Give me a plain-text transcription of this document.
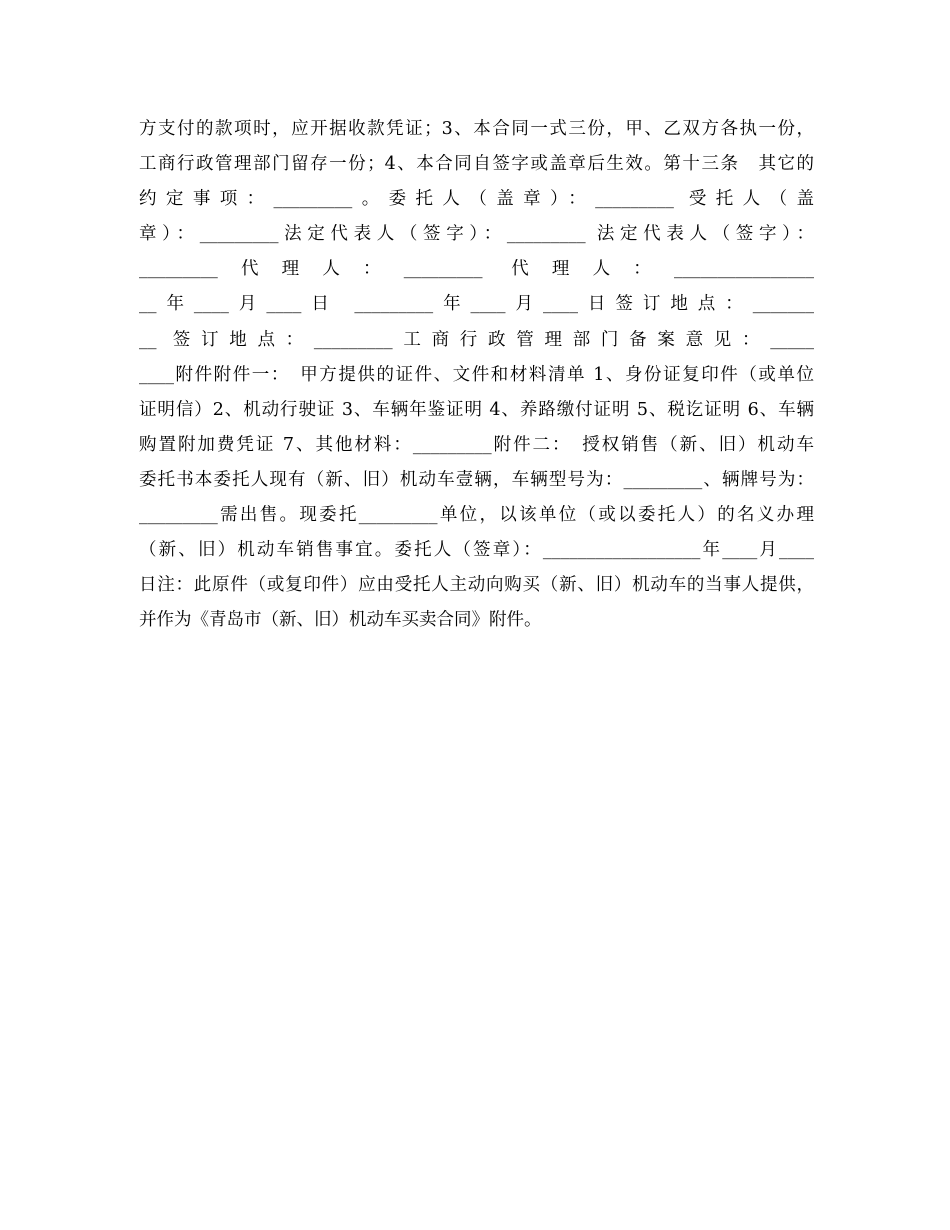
方支付的款项时，应开据收款凭证；3、本合同一式三份，甲、乙双方各执一份，
工商行政管理部门留存一份；4、本合同自签字或盖章后生效。第十三条　其它的
约定事项：_________。委托人（盖章）：_________ 受托人（盖
章）：_________法定代表人（签字）：_________ 法定代表人（签字）：
_________代理人：_________ 代理人：________________
__年____月____日 _________年____月____日签订地点：_______
__ 签订地点：_________工商行政管理部门备案意见：_____
____附件附件一：　甲方提供的证件、文件和材料清单 1、身份证复印件（或单位
证明信）2、机动行驶证 3、车辆年鉴证明 4、养路缴付证明 5、税讫证明 6、车辆
购置附加费凭证 7、其他材料：_________附件二：　授权销售（新、旧）机动车
委托书本委托人现有（新、旧）机动车壹辆，车辆型号为：_________、辆牌号为：
_________需出售。现委托_________单位，以该单位（或以委托人）的名义办理
（新、旧）机动车销售事宜。委托人（签章）：__________________年____月____
日注：此原件（或复印件）应由受托人主动向购买（新、旧）机动车的当事人提供，
并作为《青岛市（新、旧）机动车买卖合同》附件。
